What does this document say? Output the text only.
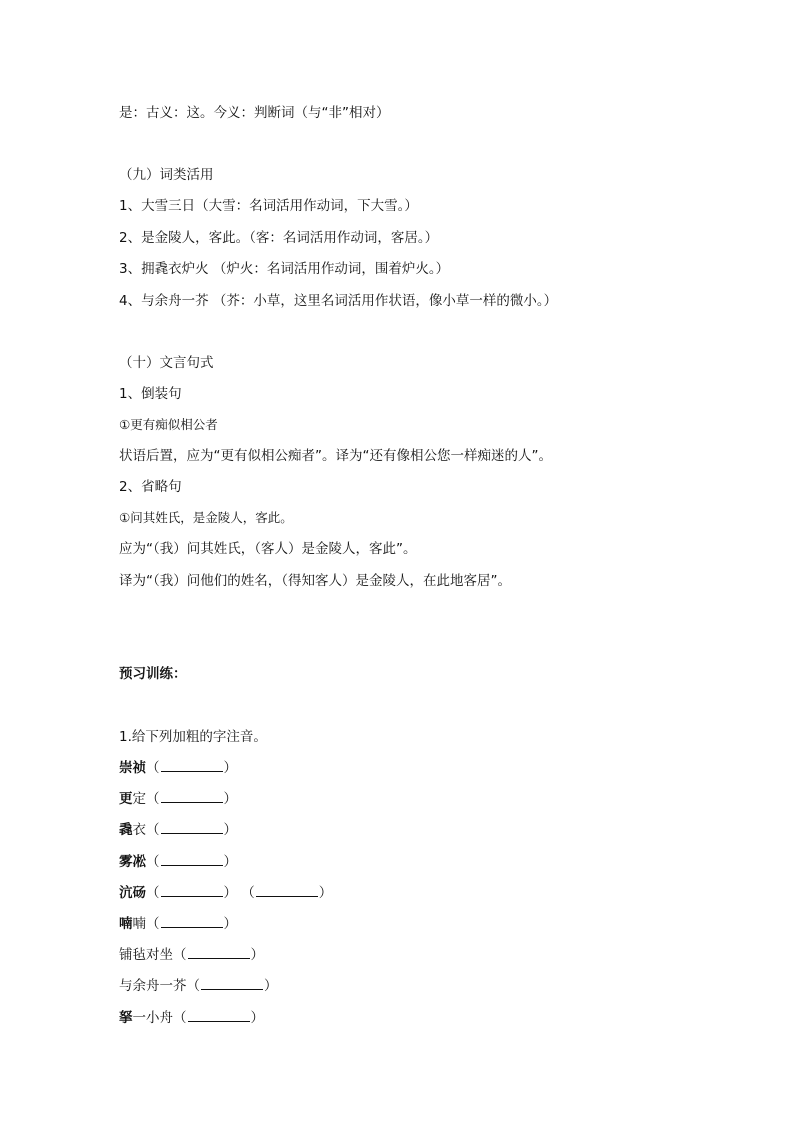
是：古义：这。今义：判断词（与“非”相对）
（九）词类活用
1、大雪三日（大雪：名词活用作动词，下大雪。）
2、是金陵人，客此。（客：名词活用作动词，客居。）
3、拥毳衣炉火 （炉火：名词活用作动词，围着炉火。）
4、与余舟一芥 （芥：小草，这里名词活用作状语，像小草一样的微小。）
（十）文言句式
1、倒装句
①更有痴似相公者
状语后置，应为“更有似相公痴者”。译为“还有像相公您一样痴迷的人”。
2、省略句
①问其姓氏，是金陵人，客此。
应为“（我）问其姓氏，（客人）是金陵人，客此”。
译为“（我）问他们的姓名，（得知客人）是金陵人，在此地客居”。
预习训练：
1.给下列加粗的字注音。
崇祯（	）
更定（	）
毳衣（	）
雾凇（	）
沆砀（	） （	）
喃喃（	）
铺毡对坐（	）
与余舟一芥（	）
拏一小舟（	）
